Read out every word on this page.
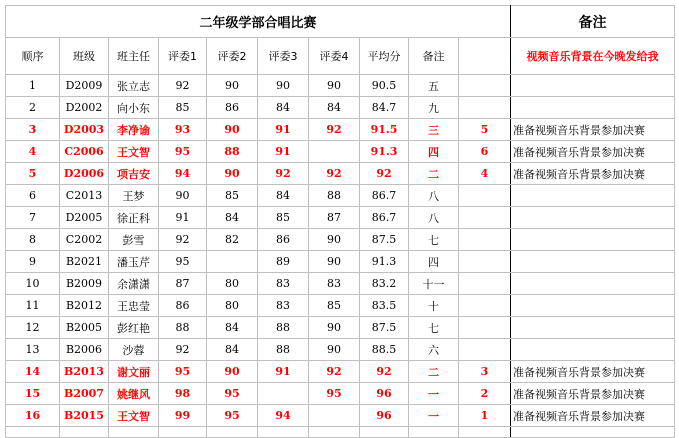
二年级学部合唱比赛										备注
顺序	班级	班主任	评委1	评委2	评委3	评委4	平均分	备注		视频音乐背景在今晚发给我
1	D2009	张立志	92	90	90	90	90.5	五		
2	D2002	向小东	85	86	84	84	84.7	九		
3	D2003	李净谕	93	90	91	92	91.5	三	5	准备视频音乐背景参加决赛
4	C2006	王文智	95	88	91		91.3	四	6	准备视频音乐背景参加决赛
5	D2006	项吉安	94	90	92	92	92	二	4	准备视频音乐背景参加决赛
6	C2013	王梦	90	85	84	88	86.7	八		
7	D2005	徐正科	91	84	85	87	86.7	八		
8	C2002	彭雪	92	82	86	90	87.5	七		
9	B2021	潘玉芹	95		89	90	91.3	四		
10	B2009	余潇潇	87	80	83	83	83.2	十一		
11	B2012	王忠莹	86	80	83	85	83.5	十		
12	B2005	彭红艳	88	84	88	90	87.5	七		
13	B2006	沙蓉	92	84	88	90	88.5	六		
14	B2013	谢文丽	95	90	91	92	92	二	3	准备视频音乐背景参加决赛
15	B2007	姚继风	98	95		95	96	一	2	准备视频音乐背景参加决赛
16	B2015	王文智	99	95	94		96	一	1	准备视频音乐背景参加决赛
